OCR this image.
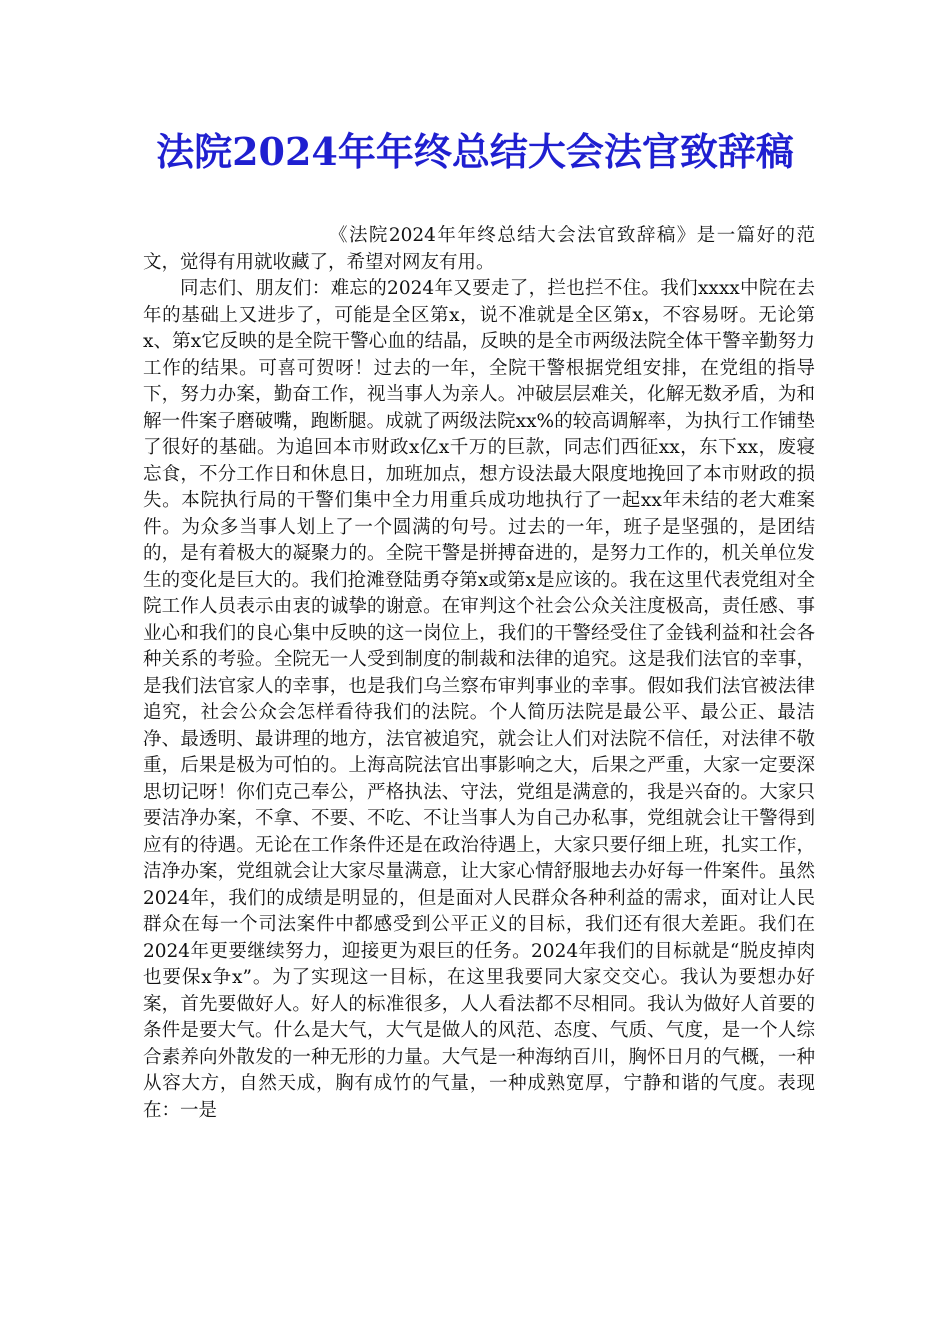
法院2024年年终总结大会法官致辞稿

《法院2024年年终总结大会法官致辞稿》是一篇好的范文，觉得有用就收藏了，希望对网友有用。

同志们、朋友们：难忘的2024年又要走了，拦也拦不住。我们xxxx中院在去年的基础上又进步了，可能是全区第x，说不准就是全区第x，不容易呀。无论第x、第x它反映的是全院干警心血的结晶，反映的是全市两级法院全体干警辛勤努力工作的结果。可喜可贺呀！过去的一年，全院干警根据党组安排，在党组的指导下，努力办案，勤奋工作，视当事人为亲人。冲破层层难关，化解无数矛盾，为和解一件案子磨破嘴，跑断腿。成就了两级法院xx%的较高调解率，为执行工作铺垫了很好的基础。为追回本市财政x亿x千万的巨款，同志们西征xx，东下xx，废寝忘食，不分工作日和休息日，加班加点，想方设法最大限度地挽回了本市财政的损失。本院执行局的干警们集中全力用重兵成功地执行了一起xx年未结的老大难案件。为众多当事人划上了一个圆满的句号。过去的一年，班子是坚强的，是团结的，是有着极大的凝聚力的。全院干警是拼搏奋进的，是努力工作的，机关单位发生的变化是巨大的。我们抢滩登陆勇夺第x或第x是应该的。我在这里代表党组对全院工作人员表示由衷的诚挚的谢意。在审判这个社会公众关注度极高，责任感、事业心和我们的良心集中反映的这一岗位上，我们的干警经受住了金钱利益和社会各种关系的考验。全院无一人受到制度的制裁和法律的追究。这是我们法官的幸事，是我们法官家人的幸事，也是我们乌兰察布审判事业的幸事。假如我们法官被法律追究，社会公众会怎样看待我们的法院。个人简历法院是最公平、最公正、最洁净、最透明、最讲理的地方，法官被追究，就会让人们对法院不信任，对法律不敬重，后果是极为可怕的。上海高院法官出事影响之大，后果之严重，大家一定要深思切记呀！你们克己奉公，严格执法、守法，党组是满意的，我是兴奋的。大家只要洁净办案，不拿、不要、不吃、不让当事人为自己办私事，党组就会让干警得到应有的待遇。无论在工作条件还是在政治待遇上，大家只要仔细上班，扎实工作，洁净办案，党组就会让大家尽量满意，让大家心情舒服地去办好每一件案件。虽然2024年，我们的成绩是明显的，但是面对人民群众各种利益的需求，面对让人民群众在每一个司法案件中都感受到公平正义的目标，我们还有很大差距。我们在2024年更要继续努力，迎接更为艰巨的任务。2024年我们的目标就是“脱皮掉肉也要保x争x”。为了实现这一目标，在这里我要同大家交交心。我认为要想办好案，首先要做好人。好人的标准很多，人人看法都不尽相同。我认为做好人首要的条件是要大气。什么是大气，大气是做人的风范、态度、气质、气度，是一个人综合素养向外散发的一种无形的力量。大气是一种海纳百川，胸怀日月的气概，一种从容大方，自然天成，胸有成竹的气量，一种成熟宽厚，宁静和谐的气度。表现在：一是
